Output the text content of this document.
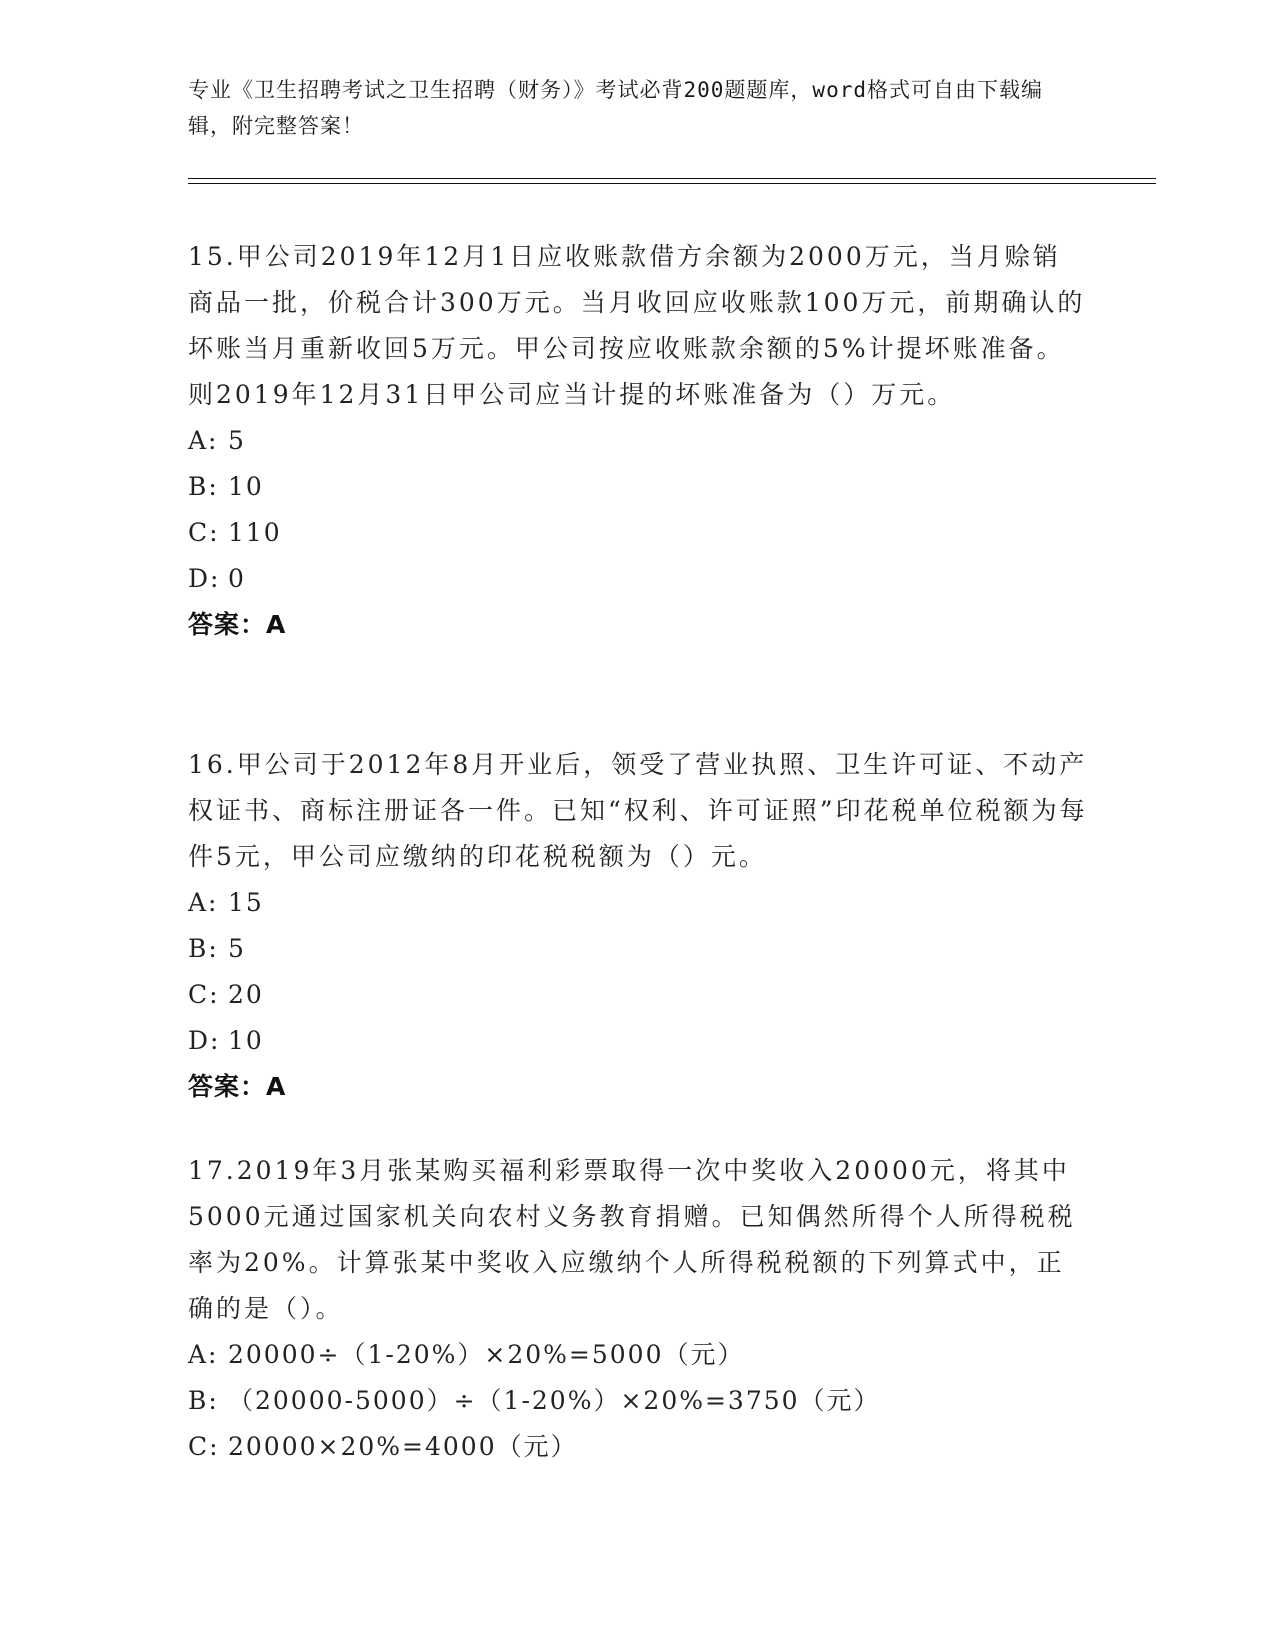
专业《卫生招聘考试之卫生招聘（财务）》考试必背200题题库，word格式可自由下载编辑，附完整答案！

15.甲公司2019年12月1日应收账款借方余额为2000万元，当月赊销商品一批，价税合计300万元。当月收回应收账款100万元，前期确认的坏账当月重新收回5万元。甲公司按应收账款余额的5%计提坏账准备。则2019年12月31日甲公司应当计提的坏账准备为（）万元。

A: 5

B: 10

C: 110

D: 0

答案：A

16.甲公司于2012年8月开业后，领受了营业执照、卫生许可证、不动产权证书、商标注册证各一件。已知“权利、许可证照”印花税单位税额为每件5元，甲公司应缴纳的印花税税额为（）元。

A: 15

B: 5

C: 20

D: 10

答案：A

17.2019年3月张某购买福利彩票取得一次中奖收入20000元，将其中5000元通过国家机关向农村义务教育捐赠。已知偶然所得个人所得税税率为20%。计算张某中奖收入应缴纳个人所得税税额的下列算式中，正确的是（）。

A: 20000÷（1-20%）×20%=5000（元）

B: （20000-5000）÷（1-20%）×20%=3750（元）

C: 20000×20%=4000（元）
